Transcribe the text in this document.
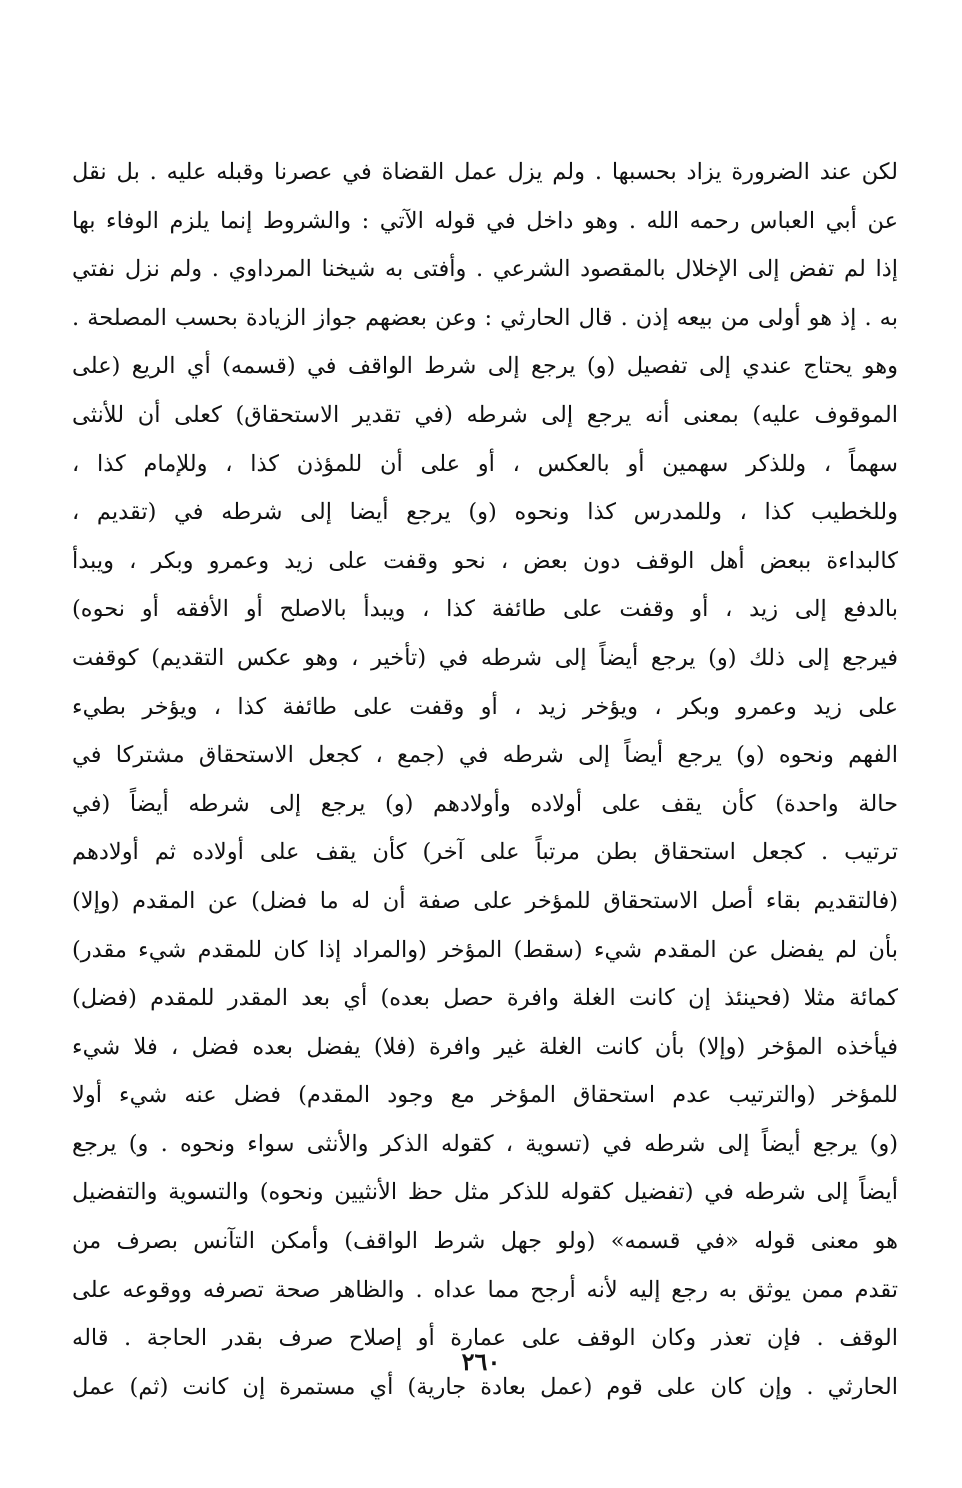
لكن عند الضرورة يزاد بحسبها . ولم يزل عمل القضاة في عصرنا وقبله عليه . بل نقل

عن أبي العباس رحمه الله . وهو داخل في قوله الآتي : والشروط إنما يلزم الوفاء بها

إذا لم تفض إلى الإخلال بالمقصود الشرعي . وأفتى به شيخنا المرداوي . ولم نزل نفتي

به . إذ هو أولى من بيعه إذن . قال الحارثي : وعن بعضهم جواز الزيادة بحسب المصلحة .

وهو يحتاج عندي إلى تفصيل (و) يرجع إلى شرط الواقف في (قسمه) أي الريع (على

الموقوف عليه) بمعنى أنه يرجع إلى شرطه (في تقدير الاستحقاق) كعلى أن للأنثى

سهماً ، وللذكر سهمين أو بالعكس ، أو على أن للمؤذن كذا ، وللإمام كذا ،

وللخطيب كذا ، وللمدرس كذا ونحوه (و) يرجع أيضا إلى شرطه في (تقديم ،

كالبداءة ببعض أهل الوقف دون بعض ، نحو وقفت على زيد وعمرو وبكر ، ويبدأ

بالدفع إلى زيد ، أو وقفت على طائفة كذا ، ويبدأ بالاصلح أو الأفقه أو نحوه)

فيرجع إلى ذلك (و) يرجع أيضاً إلى شرطه في (تأخير ، وهو عكس التقديم) كوقفت

على زيد وعمرو وبكر ، ويؤخر زيد ، أو وقفت على طائفة كذا ، ويؤخر بطيء

الفهم ونحوه (و) يرجع أيضاً إلى شرطه في (جمع ، كجعل الاستحقاق مشتركا في

حالة واحدة) كأن يقف على أولاده وأولادهم (و) يرجع إلى شرطه أيضاً (في

ترتيب . كجعل استحقاق بطن مرتباً على آخر) كأن يقف على أولاده ثم أولادهم

(فالتقديم بقاء أصل الاستحقاق للمؤخر على صفة أن له ما فضل) عن المقدم (وإلا)

بأن لم يفضل عن المقدم شيء (سقط) المؤخر (والمراد إذا كان للمقدم شيء مقدر)

كمائة مثلا (فحينئذ إن كانت الغلة وافرة حصل بعده) أي بعد المقدر للمقدم (فضل)

فيأخذه المؤخر (وإلا) بأن كانت الغلة غير وافرة (فلا) يفضل بعده فضل ، فلا شيء

للمؤخر (والترتيب عدم استحقاق المؤخر مع وجود المقدم) فضل عنه شيء أولا

(و) يرجع أيضاً إلى شرطه في (تسوية ، كقوله الذكر والأنثى سواء ونحوه . و) يرجع

أيضاً إلى شرطه في (تفضيل كقوله للذكر مثل حظ الأنثيين ونحوه) والتسوية والتفضيل

هو معنى قوله «في قسمه» (ولو جهل شرط الواقف) وأمكن التآنس بصرف من

تقدم ممن يوثق به رجع إليه لأنه أرجح مما عداه . والظاهر صحة تصرفه ووقوعه على

الوقف . فإن تعذر وكان الوقف على عمارة أو إصلاح صرف بقدر الحاجة . قاله

الحارثي . وإن كان على قوم (عمل بعادة جارية) أي مستمرة إن كانت (ثم) عمل

٢٦٠
